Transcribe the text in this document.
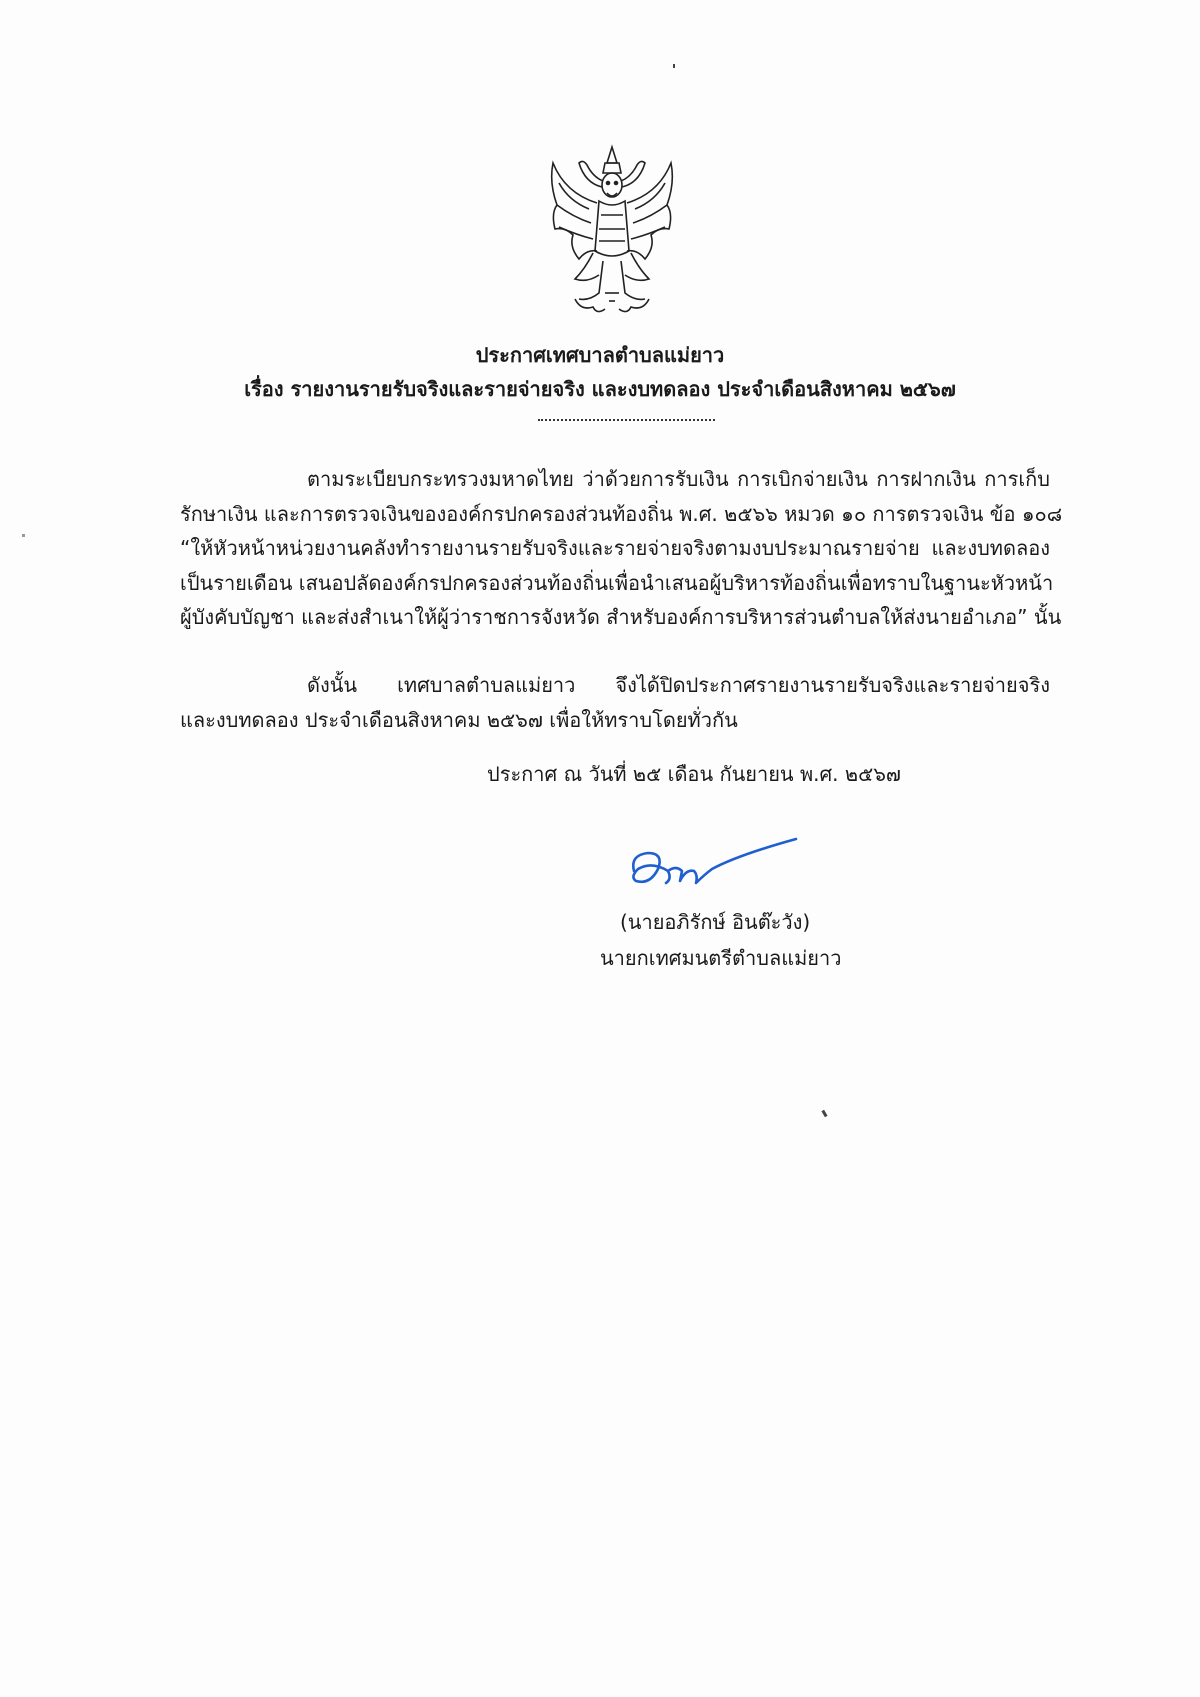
ประกาศเทศบาลตำบลแม่ยาว
เรื่อง รายงานรายรับจริงและรายจ่ายจริง และงบทดลอง ประจำเดือนสิงหาคม ๒๕๖๗
ตามระเบียบกระทรวงมหาดไทย ว่าด้วยการรับเงิน การเบิกจ่ายเงิน การฝากเงิน การเก็บ
รักษาเงิน และการตรวจเงินขององค์กรปกครองส่วนท้องถิ่น พ.ศ. ๒๕๖๖ หมวด ๑๐ การตรวจเงิน ข้อ ๑๐๘
“ให้หัวหน้าหน่วยงานคลังทำรายงานรายรับจริงและรายจ่ายจริงตามงบประมาณรายจ่าย และงบทดลอง
เป็นรายเดือน เสนอปลัดองค์กรปกครองส่วนท้องถิ่นเพื่อนำเสนอผู้บริหารท้องถิ่นเพื่อทราบในฐานะหัวหน้า
ผู้บังคับบัญชา และส่งสำเนาให้ผู้ว่าราชการจังหวัด สำหรับองค์การบริหารส่วนตำบลให้ส่งนายอำเภอ” นั้น
ดังนั้น เทศบาลตำบลแม่ยาว จึงได้ปิดประกาศรายงานรายรับจริงและรายจ่ายจริง
และงบทดลอง ประจำเดือนสิงหาคม ๒๕๖๗ เพื่อให้ทราบโดยทั่วกัน
ประกาศ ณ วันที่ ๒๕ เดือน กันยายน พ.ศ. ๒๕๖๗
(นายอภิรักษ์ อินต๊ะวัง)
นายกเทศมนตรีตำบลแม่ยาว
